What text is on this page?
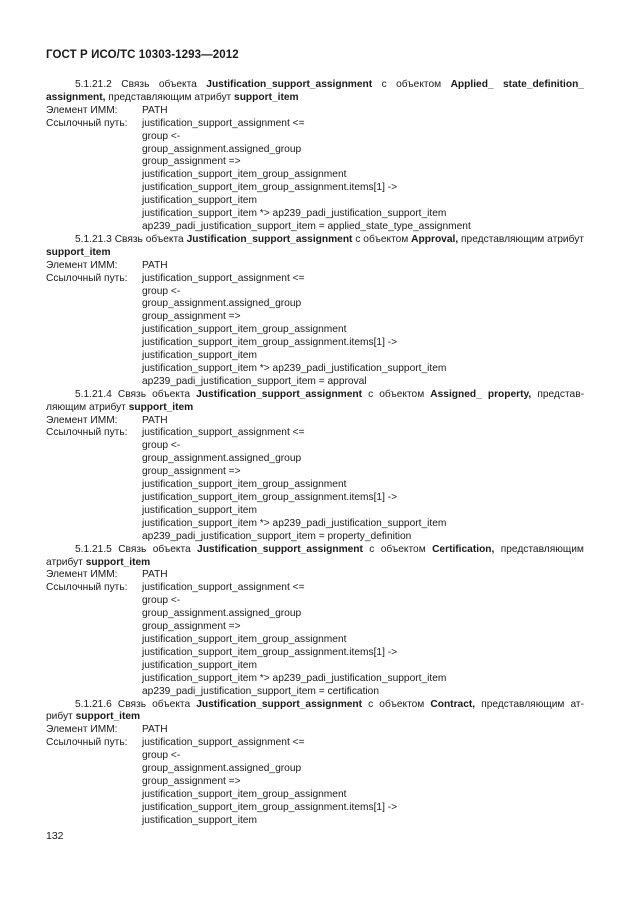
ГОСТ Р ИСО/ТС 10303-1293—2012
5.1.21.2 Связь объекта Justification_support_assignment с объектом Applied_ state_definition_ assignment, представляющим атрибут support_item
Элемент ИММ:	PATH
Ссылочный путь:	justification_support_assignment <=
group <-
group_assignment.assigned_group
group_assignment =>
justification_support_item_group_assignment
justification_support_item_group_assignment.items[1] ->
justification_support_item
justification_support_item *> ap239_padi_justification_support_item
ap239_padi_justification_support_item = applied_state_type_assignment
5.1.21.3 Связь объекта Justification_support_assignment с объектом Approval, представляющим атрибут support_item
Элемент ИММ:	PATH
Ссылочный путь:	justification_support_assignment <=
group <-
group_assignment.assigned_group
group_assignment =>
justification_support_item_group_assignment
justification_support_item_group_assignment.items[1] ->
justification_support_item
justification_support_item *> ap239_padi_justification_support_item
ap239_padi_justification_support_item = approval
5.1.21.4 Связь объекта Justification_support_assignment с объектом Assigned_ property, представ-ляющим атрибут support_item
Элемент ИММ:	PATH
Ссылочный путь:	justification_support_assignment <=
group <-
group_assignment.assigned_group
group_assignment =>
justification_support_item_group_assignment
justification_support_item_group_assignment.items[1] ->
justification_support_item
justification_support_item *> ap239_padi_justification_support_item
ap239_padi_justification_support_item = property_definition
5.1.21.5 Связь объекта Justification_support_assignment с объектом Certification, представляющим атрибут support_item
Элемент ИММ:	PATH
Ссылочный путь:	justification_support_assignment <=
group <-
group_assignment.assigned_group
group_assignment =>
justification_support_item_group_assignment
justification_support_item_group_assignment.items[1] ->
justification_support_item
justification_support_item *> ap239_padi_justification_support_item
ap239_padi_justification_support_item = certification
5.1.21.6 Связь объекта Justification_support_assignment с объектом Contract, представляющим ат-рибут support_item
Элемент ИММ:	PATH
Ссылочный путь:	justification_support_assignment <=
group <-
group_assignment.assigned_group
group_assignment =>
justification_support_item_group_assignment
justification_support_item_group_assignment.items[1] ->
justification_support_item
132
